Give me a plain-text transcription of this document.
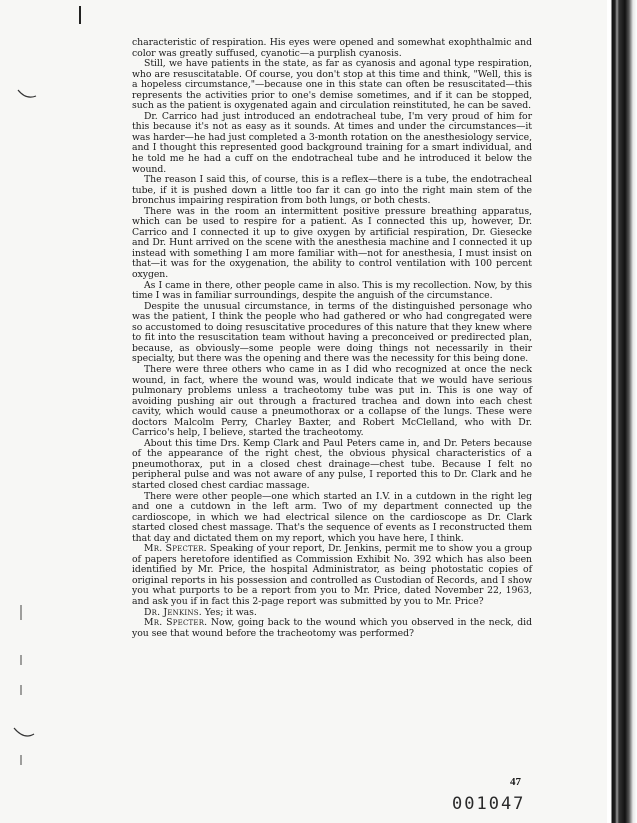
characteristic of respiration. His eyes were opened and somewhat exophthalmic and color was greatly suffused, cyanotic—a purplish cyanosis.

Still, we have patients in the state, as far as cyanosis and agonal type respiration, who are resuscitatable. Of course, you don't stop at this time and think, "Well, this is a hopeless circumstance,"—because one in this state can often be resuscitated—this represents the activities prior to one's demise sometimes, and if it can be stopped, such as the patient is oxygenated again and circulation reinstituted, he can be saved.

Dr. Carrico had just introduced an endotracheal tube, I'm very proud of him for this because it's not as easy as it sounds. At times and under the circumstances—it was harder—he had just completed a 3-month rotation on the anesthesiology service, and I thought this represented good background training for a smart individual, and he told me he had a cuff on the endotracheal tube and he introduced it below the wound.

The reason I said this, of course, this is a reflex—there is a tube, the endotracheal tube, if it is pushed down a little too far it can go into the right main stem of the bronchus impairing respiration from both lungs, or both chests.

There was in the room an intermittent positive pressure breathing apparatus, which can be used to respire for a patient. As I connected this up, however, Dr. Carrico and I connected it up to give oxygen by artificial respiration, Dr. Giesecke and Dr. Hunt arrived on the scene with the anesthesia machine and I connected it up instead with something I am more familiar with—not for anesthesia, I must insist on that—it was for the oxygenation, the ability to control ventilation with 100 percent oxygen.

As I came in there, other people came in also. This is my recollection. Now, by this time I was in familiar surroundings, despite the anguish of the circumstance.

Despite the unusual circumstance, in terms of the distinguished personage who was the patient, I think the people who had gathered or who had congregated were so accustomed to doing resuscitative procedures of this nature that they knew where to fit into the resuscitation team without having a preconceived or predirected plan, because, as obviously—some people were doing things not necessarily in their specialty, but there was the opening and there was the necessity for this being done.

There were three others who came in as I did who recognized at once the neck wound, in fact, where the wound was, would indicate that we would have serious pulmonary problems unless a tracheotomy tube was put in. This is one way of avoiding pushing air out through a fractured trachea and down into each chest cavity, which would cause a pneumothorax or a collapse of the lungs. These were doctors Malcolm Perry, Charley Baxter, and Robert McClelland, who with Dr. Carrico's help, I believe, started the tracheotomy.

About this time Drs. Kemp Clark and Paul Peters came in, and Dr. Peters because of the appearance of the right chest, the obvious physical characteristics of a pneumothorax, put in a closed chest drainage—chest tube. Because I felt no peripheral pulse and was not aware of any pulse, I reported this to Dr. Clark and he started closed chest cardiac massage.

There were other people—one which started an I.V. in a cutdown in the right leg and one a cutdown in the left arm. Two of my department connected up the cardioscope, in which we had electrical silence on the cardioscope as Dr. Clark started closed chest massage. That's the sequence of events as I reconstructed them that day and dictated them on my report, which you have here, I think.

Mr. Specter. Speaking of your report, Dr. Jenkins, permit me to show you a group of papers heretofore identified as Commission Exhibit No. 392 which has also been identified by Mr. Price, the hospital Administrator, as being photostatic copies of original reports in his possession and controlled as Custodian of Records, and I show you what purports to be a report from you to Mr. Price, dated November 22, 1963, and ask you if in fact this 2-page report was submitted by you to Mr. Price?

Dr. Jenkins. Yes; it was.

Mr. Specter. Now, going back to the wound which you observed in the neck, did you see that wound before the tracheotomy was performed?

47
001047
